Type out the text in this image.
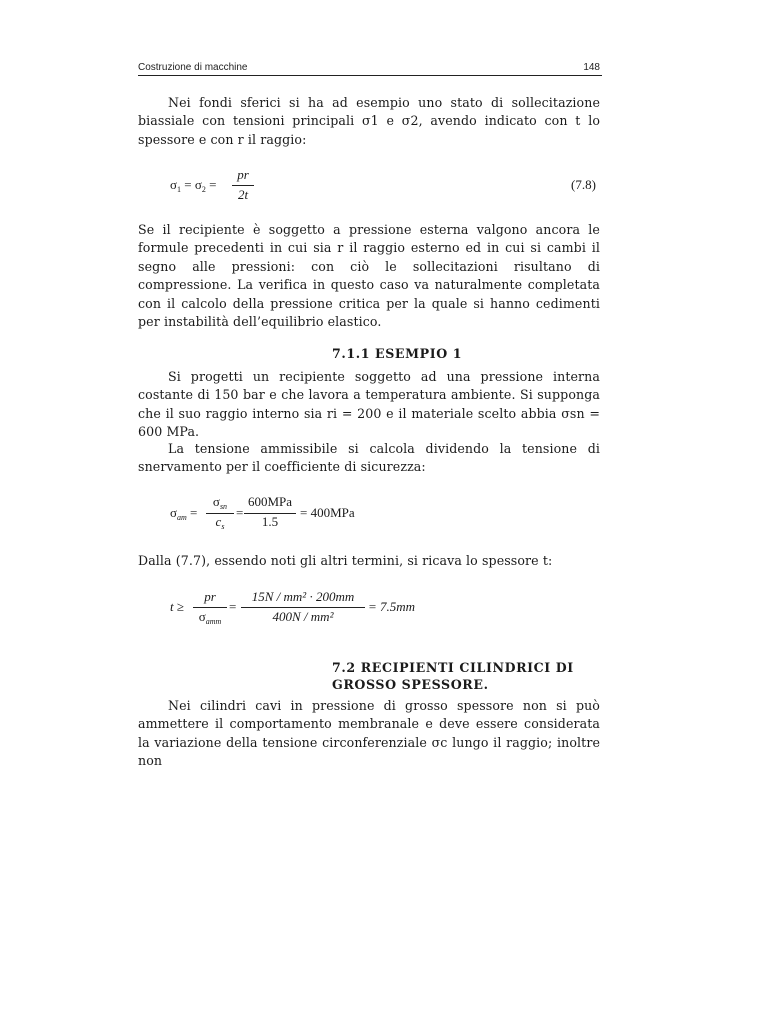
Costruzione di macchine	148
Nei fondi sferici si ha ad esempio uno stato di sollecitazione biassiale con tensioni principali σ1 e σ2, avendo indicato con t lo spessore e con r il raggio:
$\sigma_1 = \sigma_2$ =
pr
2t
(7.8)
Se il recipiente è soggetto a pressione esterna valgono ancora le formule precedenti in cui sia r il raggio esterno ed in cui si cambi il segno alle pressioni: con ciò le sollecitazioni risultano di compressione. La verifica in questo caso va naturalmente completata con il calcolo della pressione critica per la quale si hanno cedimenti per instabilità dell’equilibrio elastico.
7.1.1 ESEMPIO 1
Si progetti un recipiente soggetto ad una pressione interna costante di 150 bar e che lavora a temperatura ambiente. Si supponga che il suo raggio interno sia ri = 200 e il materiale scelto abbia σsn = 600 MPa.
La tensione ammissibile si calcola dividendo la tensione di snervamento per il coefficiente di sicurezza:
$\sigma_{am}$ =
$\sigma_{sn}$
$c_s$
=
600MPa
1.5
= 400MPa
Dalla (7.7), essendo noti gli altri termini, si ricava lo spessore t:
t ≥
pr
$\sigma_{amm}$
=
15N / mm² · 200mm
400N / mm²
= 7.5mm
7.2 RECIPIENTI CILINDRICI DI
GROSSO SPESSORE.
Nei cilindri cavi in pressione di grosso spessore non si può ammettere il comportamento membranale e deve essere considerata la variazione della tensione circonferenziale σc lungo il raggio; inoltre non
